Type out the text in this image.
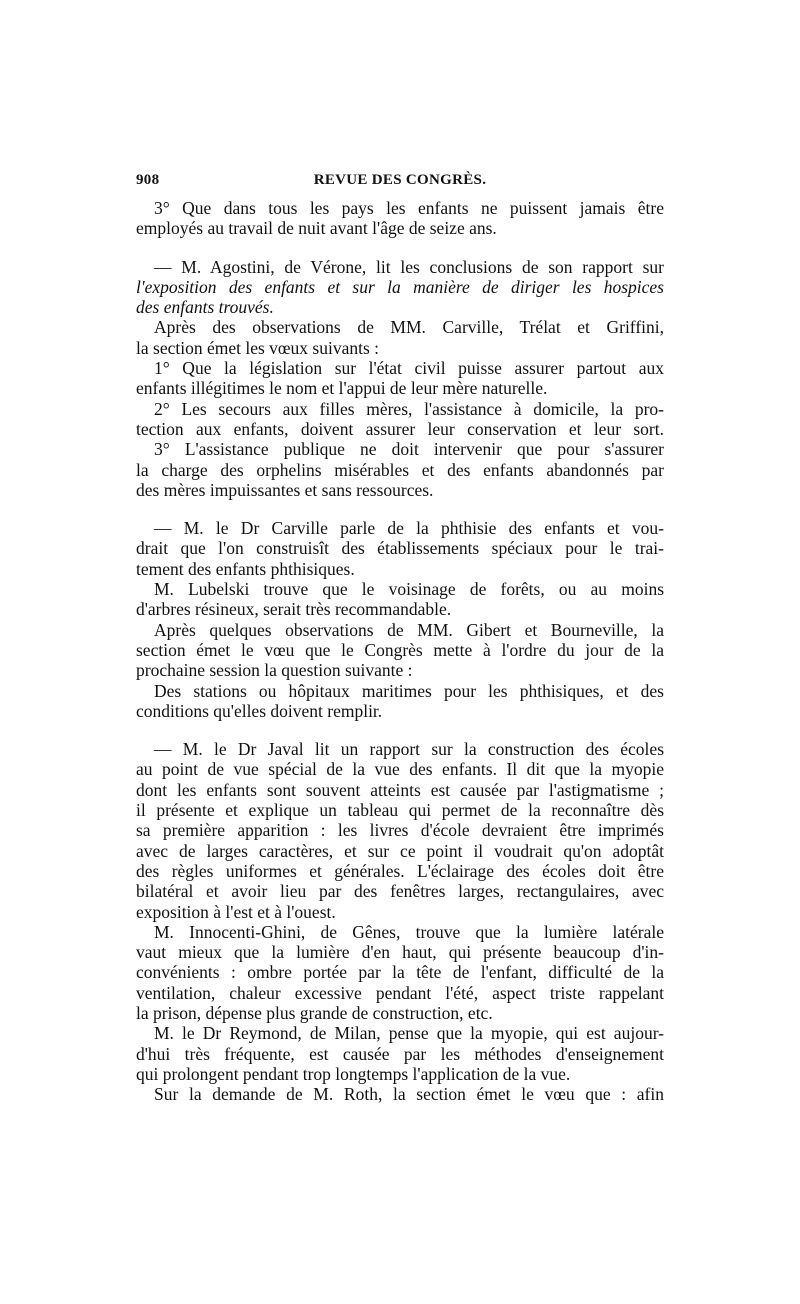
908	REVUE DES CONGRÈS.
3° Que dans tous les pays les enfants ne puissent jamais être
employés au travail de nuit avant l'âge de seize ans.
— M. Agostini, de Vérone, lit les conclusions de son rapport sur
l'exposition des enfants et sur la manière de diriger les hospices
des enfants trouvés.
Après des observations de MM. Carville, Trélat et Griffini,
la section émet les vœux suivants :
1° Que la législation sur l'état civil puisse assurer partout aux
enfants illégitimes le nom et l'appui de leur mère naturelle.
2° Les secours aux filles mères, l'assistance à domicile, la pro-
tection aux enfants, doivent assurer leur conservation et leur sort.
3° L'assistance publique ne doit intervenir que pour s'assurer
la charge des orphelins misérables et des enfants abandonnés par
des mères impuissantes et sans ressources.
— M. le Dr Carville parle de la phthisie des enfants et vou-
drait que l'on construisît des établissements spéciaux pour le trai-
tement des enfants phthisiques.
M. Lubelski trouve que le voisinage de forêts, ou au moins
d'arbres résineux, serait très recommandable.
Après quelques observations de MM. Gibert et Bourneville, la
section émet le vœu que le Congrès mette à l'ordre du jour de la
prochaine session la question suivante :
Des stations ou hôpitaux maritimes pour les phthisiques, et des
conditions qu'elles doivent remplir.
— M. le Dr Javal lit un rapport sur la construction des écoles
au point de vue spécial de la vue des enfants. Il dit que la myopie
dont les enfants sont souvent atteints est causée par l'astigmatisme ;
il présente et explique un tableau qui permet de la reconnaître dès
sa première apparition : les livres d'école devraient être imprimés
avec de larges caractères, et sur ce point il voudrait qu'on adoptât
des règles uniformes et générales. L'éclairage des écoles doit être
bilatéral et avoir lieu par des fenêtres larges, rectangulaires, avec
exposition à l'est et à l'ouest.
M. Innocenti-Ghini, de Gênes, trouve que la lumière latérale
vaut mieux que la lumière d'en haut, qui présente beaucoup d'in-
convénients : ombre portée par la tête de l'enfant, difficulté de la
ventilation, chaleur excessive pendant l'été, aspect triste rappelant
la prison, dépense plus grande de construction, etc.
M. le Dr Reymond, de Milan, pense que la myopie, qui est aujour-
d'hui très fréquente, est causée par les méthodes d'enseignement
qui prolongent pendant trop longtemps l'application de la vue.
Sur la demande de M. Roth, la section émet le vœu que : afin
